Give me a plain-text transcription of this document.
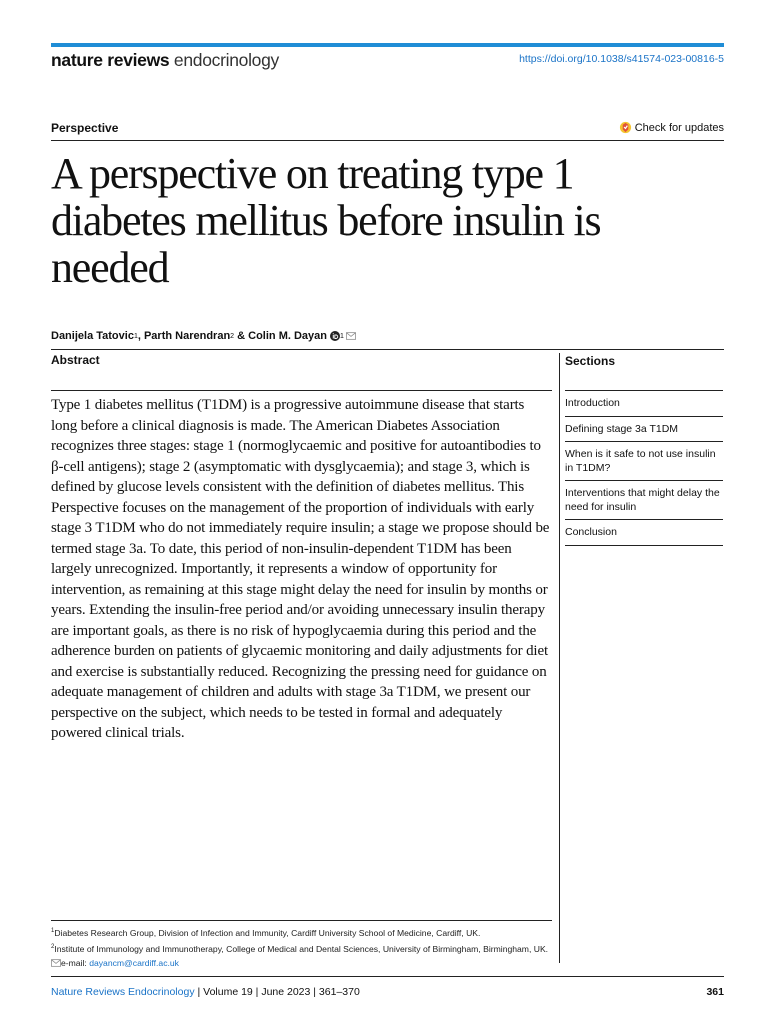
nature reviews endocrinology	https://doi.org/10.1038/s41574-023-00816-5
Perspective	Check for updates
A perspective on treating type 1 diabetes mellitus before insulin is needed
Danijela Tatovic 1 , Parth Narendran 2 & Colin M. Dayan 1
Abstract

Type 1 diabetes mellitus (T1DM) is a progressive autoimmune disease that starts long before a clinical diagnosis is made. The American Diabetes Association recognizes three stages: stage 1 (normoglycaemic and positive for autoantibodies to β-cell antigens); stage 2 (asymptomatic with dysglycaemia); and stage 3, which is defined by glucose levels consistent with the definition of diabetes mellitus. This Perspective focuses on the management of the proportion of individuals with early stage 3 T1DM who do not immediately require insulin; a stage we propose should be termed stage 3a. To date, this period of non-insulin-dependent T1DM has been largely unrecognized. Importantly, it represents a window of opportunity for intervention, as remaining at this stage might delay the need for insulin by months or years. Extending the insulin-free period and/or avoiding unnecessary insulin therapy are important goals, as there is no risk of hypoglycaemia during this period and the adherence burden on patients of glycaemic monitoring and daily adjustments for diet and exercise is substantially reduced. Recognizing the pressing need for guidance on adequate management of children and adults with stage 3a T1DM, we present our perspective on the subject, which needs to be tested in formal and adequately powered clinical trials.

Sections
Introduction
Defining stage 3a T1DM
When is it safe to not use insulin in T1DM?
Interventions that might delay the need for insulin
Conclusion
$^1$Diabetes Research Group, Division of Infection and Immunity, Cardiff University School of Medicine, Cardiff, UK.
$^2$Institute of Immunology and Immunotherapy, College of Medical and Dental Sciences, University of Birmingham, Birmingham, UK. e-mail: dayancm@cardiff.ac.uk
Nature Reviews Endocrinology | Volume 19 | June 2023 | 361–370	361
